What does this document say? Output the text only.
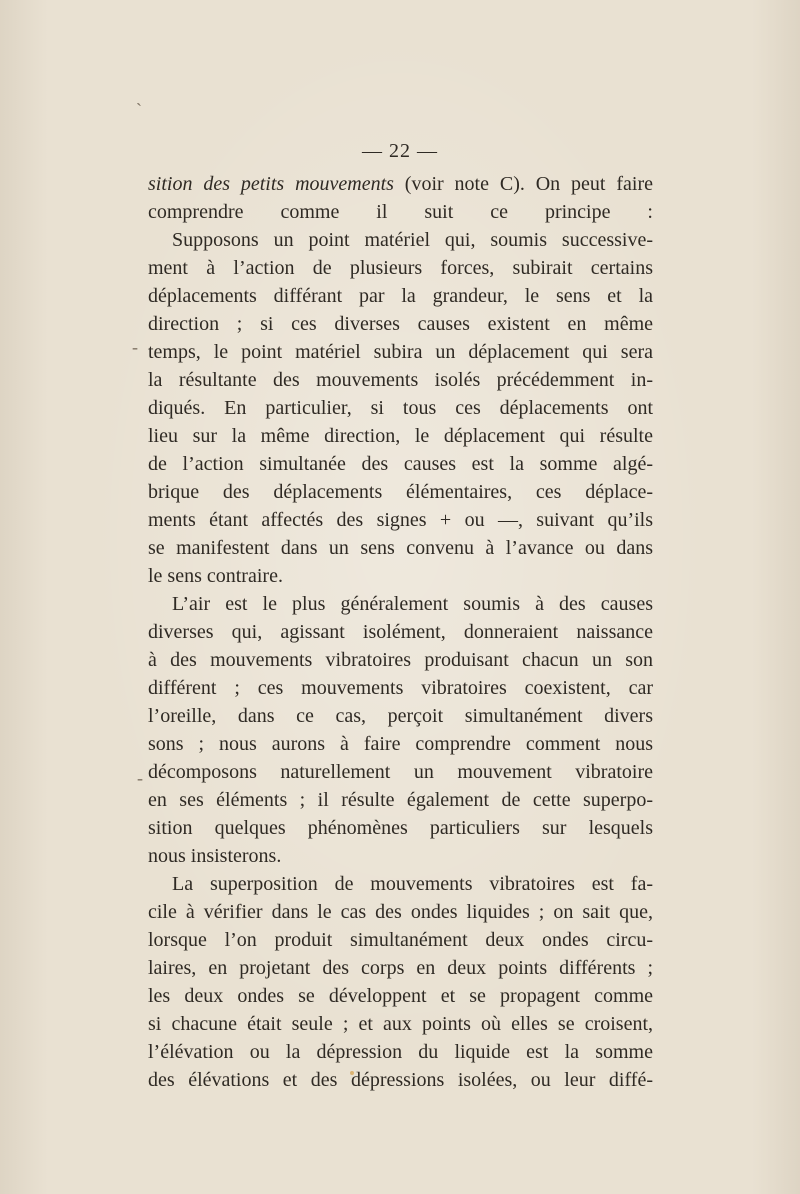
— 22 —
`
-
-
sition des petits mouvements (voir note C). On peut faire
comprendre comme il suit ce principe :
Supposons un point matériel qui, soumis successive-
ment à l’action de plusieurs forces, subirait certains
déplacements différant par la grandeur, le sens et la
direction ; si ces diverses causes existent en même
temps, le point matériel subira un déplacement qui sera
la résultante des mouvements isolés précédemment in-
diqués. En particulier, si tous ces déplacements ont
lieu sur la même direction, le déplacement qui résulte
de l’action simultanée des causes est la somme algé-
brique des déplacements élémentaires, ces déplace-
ments étant affectés des signes + ou —, suivant qu’ils
se manifestent dans un sens convenu à l’avance ou dans
le sens contraire.
L’air est le plus généralement soumis à des causes
diverses qui, agissant isolément, donneraient naissance
à des mouvements vibratoires produisant chacun un son
différent ; ces mouvements vibratoires coexistent, car
l’oreille, dans ce cas, perçoit simultanément divers
sons ; nous aurons à faire comprendre comment nous
décomposons naturellement un mouvement vibratoire
en ses éléments ; il résulte également de cette superpo-
sition quelques phénomènes particuliers sur lesquels
nous insisterons.
La superposition de mouvements vibratoires est fa-
cile à vérifier dans le cas des ondes liquides ; on sait que,
lorsque l’on produit simultanément deux ondes circu-
laires, en projetant des corps en deux points différents ;
les deux ondes se développent et se propagent comme
si chacune était seule ; et aux points où elles se croisent,
l’élévation ou la dépression du liquide est la somme
des élévations et des dépressions isolées, ou leur diffé-
